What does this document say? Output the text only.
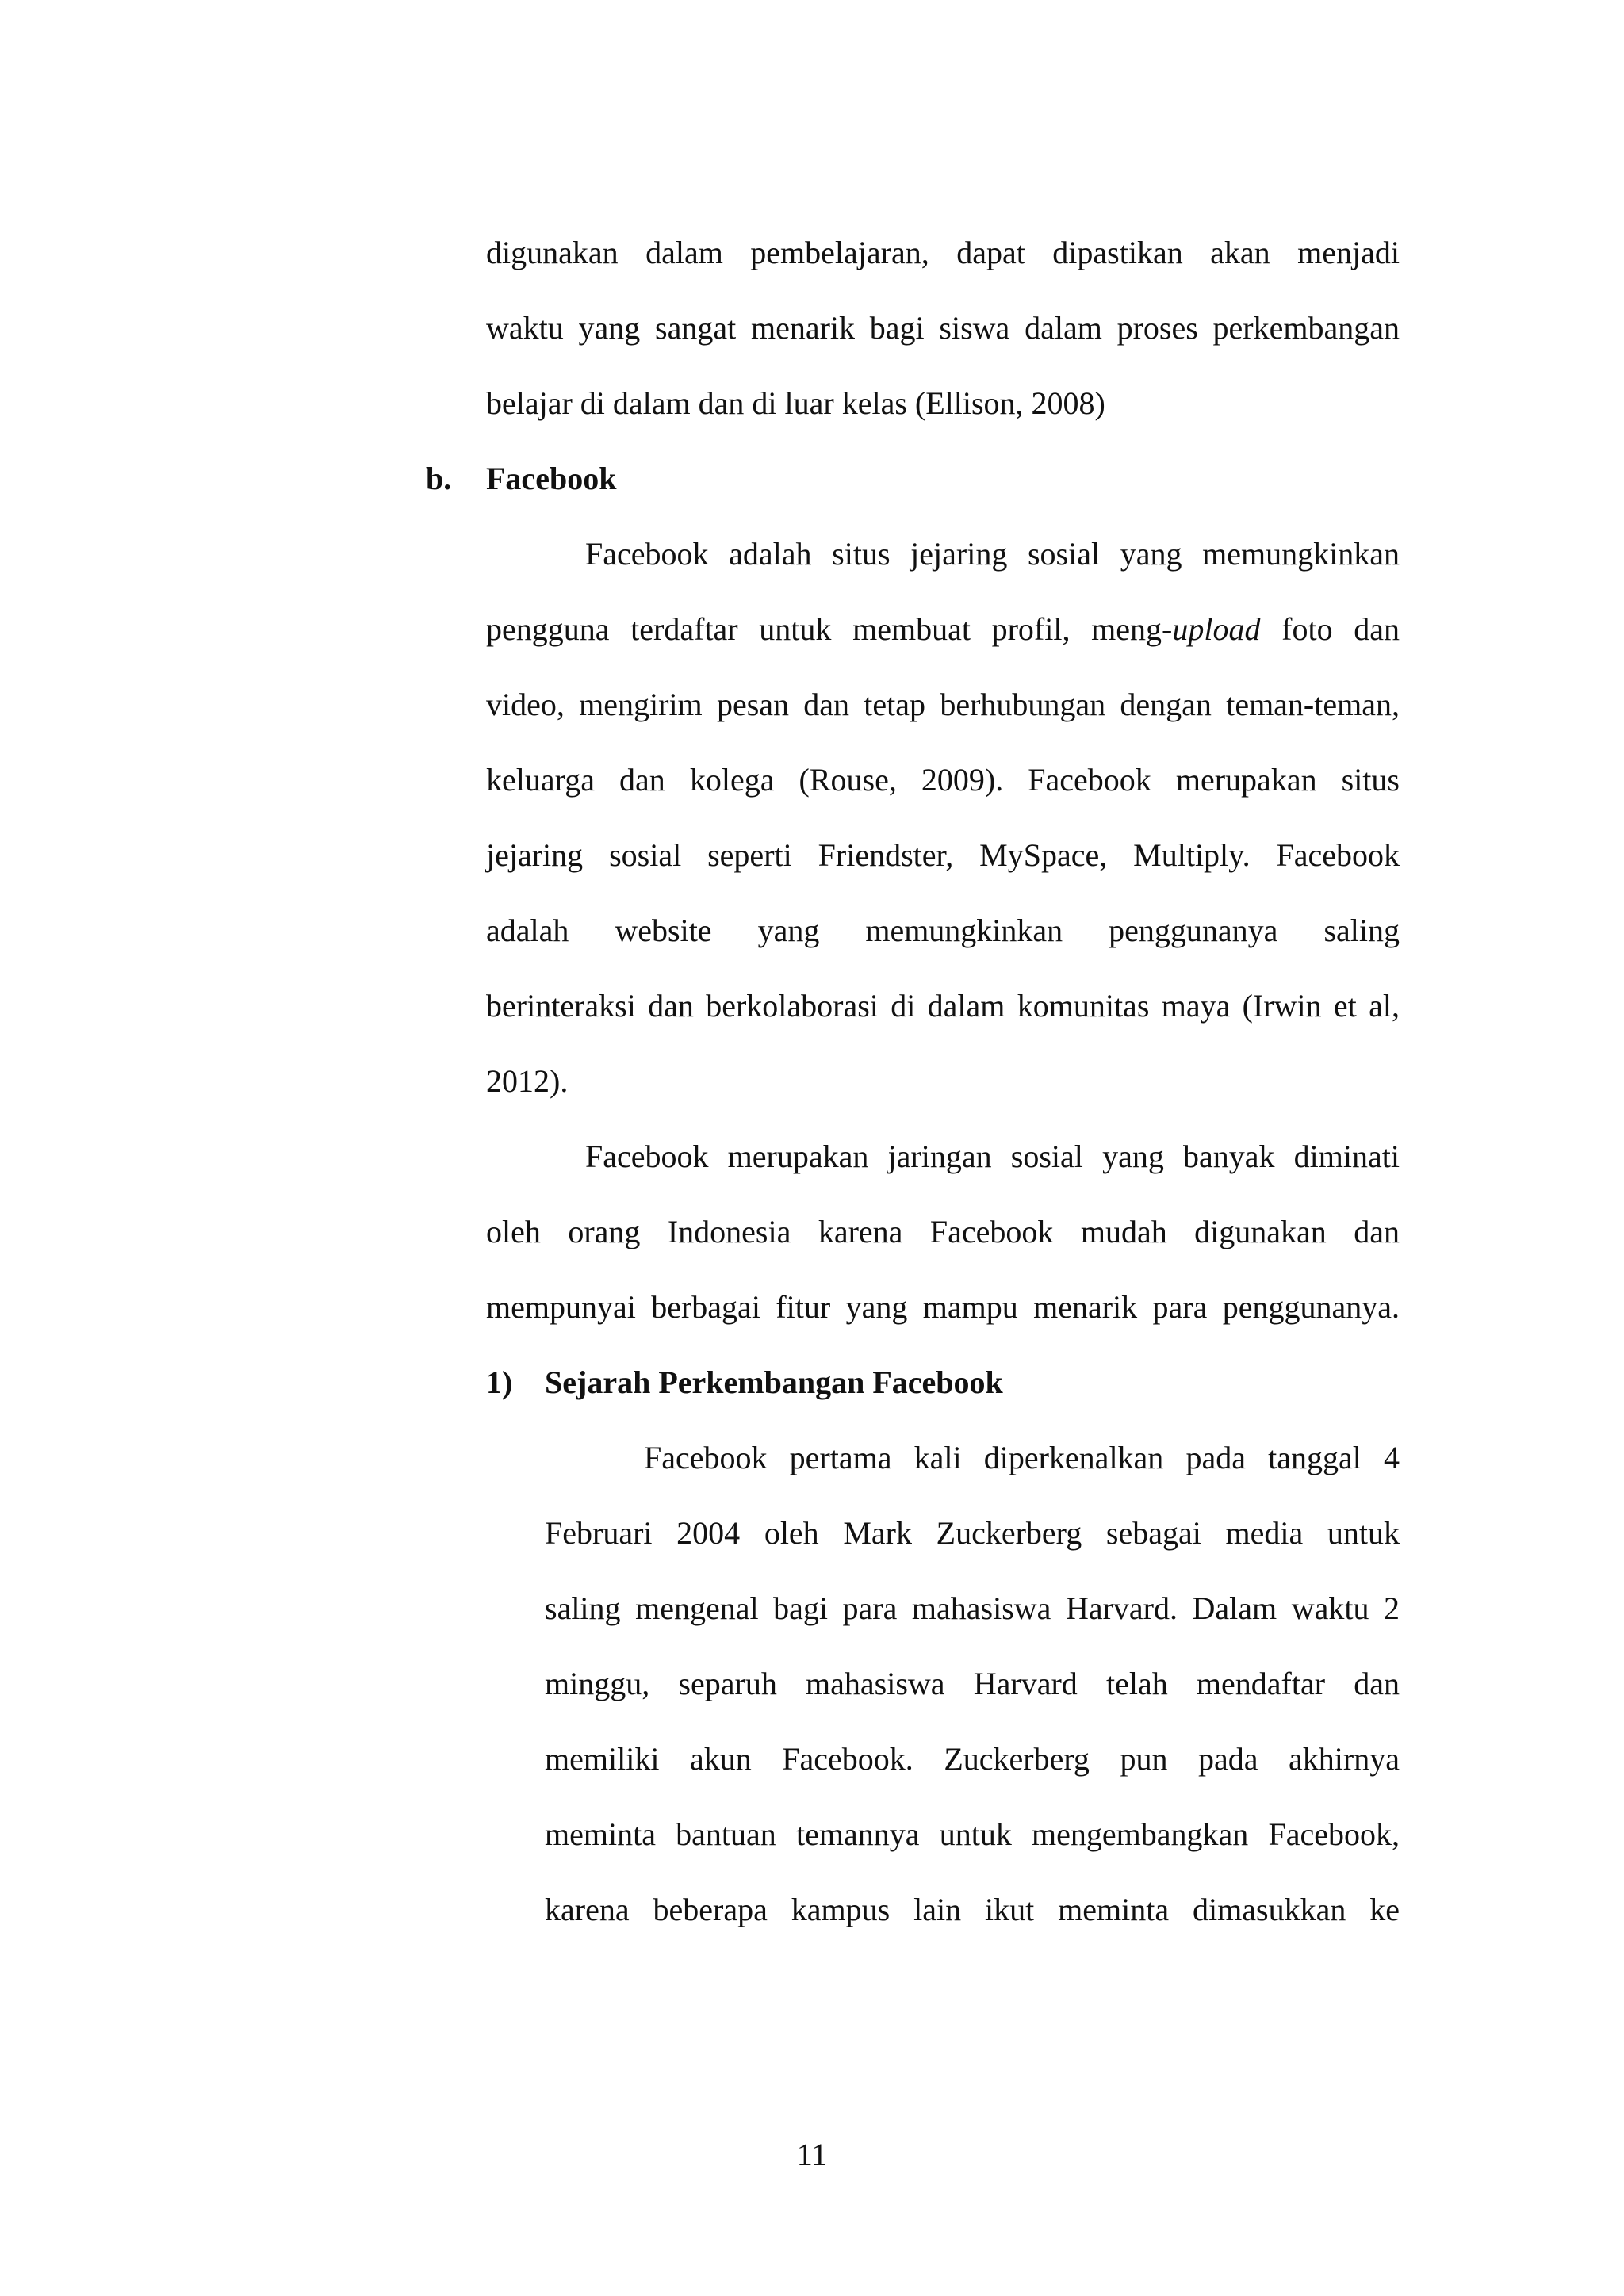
digunakan dalam pembelajaran, dapat dipastikan akan menjadi
waktu yang sangat menarik bagi siswa dalam proses perkembangan
belajar di dalam dan di luar kelas (Ellison, 2008)
b. Facebook
Facebook adalah situs jejaring sosial yang memungkinkan
pengguna terdaftar untuk membuat profil, meng-upload foto dan
video, mengirim pesan dan tetap berhubungan dengan teman-teman,
keluarga dan kolega (Rouse, 2009). Facebook merupakan situs
jejaring sosial seperti Friendster, MySpace, Multiply. Facebook
adalah website yang memungkinkan penggunanya saling
berinteraksi dan berkolaborasi di dalam komunitas maya (Irwin et al,
2012).
Facebook merupakan jaringan sosial yang banyak diminati
oleh orang Indonesia karena Facebook mudah digunakan dan
mempunyai berbagai fitur yang mampu menarik para penggunanya.
1) Sejarah Perkembangan Facebook
Facebook pertama kali diperkenalkan pada tanggal 4
Februari 2004 oleh Mark Zuckerberg sebagai media untuk
saling mengenal bagi para mahasiswa Harvard. Dalam waktu 2
minggu, separuh mahasiswa Harvard telah mendaftar dan
memiliki akun Facebook. Zuckerberg pun pada akhirnya
meminta bantuan temannya untuk mengembangkan Facebook,
karena beberapa kampus lain ikut meminta dimasukkan ke
11
